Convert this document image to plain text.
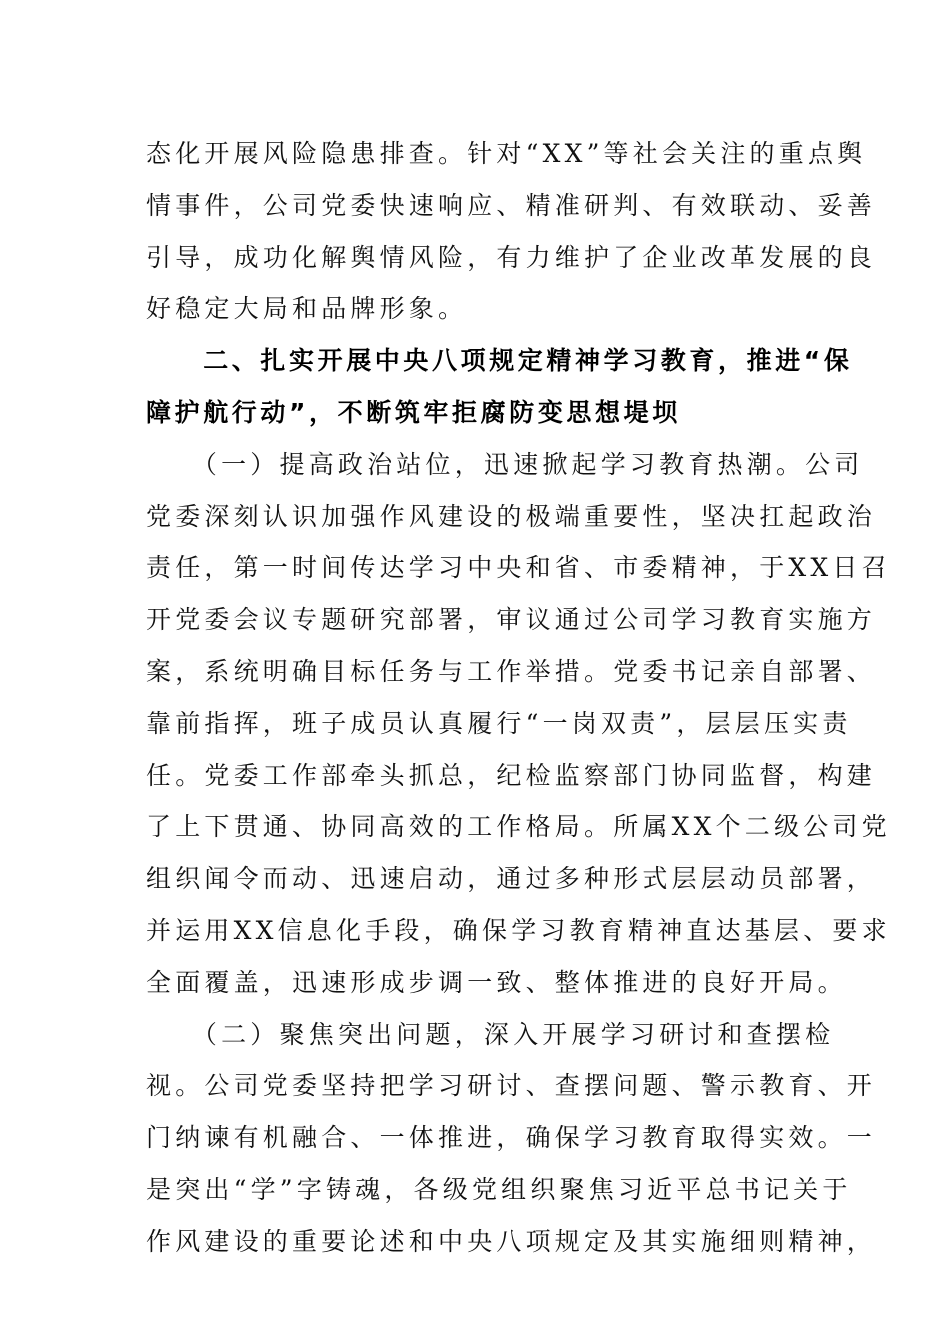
态化开展风险隐患排查。针对“XX”等社会关注的重点舆
情事件，公司党委快速响应、精准研判、有效联动、妥善
引导，成功化解舆情风险，有力维护了企业改革发展的良
好稳定大局和品牌形象。
　　二、扎实开展中央八项规定精神学习教育，推进“保
障护航行动”，不断筑牢拒腐防变思想堤坝
　　（一）提高政治站位，迅速掀起学习教育热潮。公司
党委深刻认识加强作风建设的极端重要性，坚决扛起政治
责任，第一时间传达学习中央和省、市委精神，于XX日召
开党委会议专题研究部署，审议通过公司学习教育实施方
案，系统明确目标任务与工作举措。党委书记亲自部署、
靠前指挥，班子成员认真履行“一岗双责”，层层压实责
任。党委工作部牵头抓总，纪检监察部门协同监督，构建
了上下贯通、协同高效的工作格局。所属XX个二级公司党
组织闻令而动、迅速启动，通过多种形式层层动员部署，
并运用XX信息化手段，确保学习教育精神直达基层、要求
全面覆盖，迅速形成步调一致、整体推进的良好开局。
　　（二）聚焦突出问题，深入开展学习研讨和查摆检
视。公司党委坚持把学习研讨、查摆问题、警示教育、开
门纳谏有机融合、一体推进，确保学习教育取得实效。一
是突出“学”字铸魂，各级党组织聚焦习近平总书记关于
作风建设的重要论述和中央八项规定及其实施细则精神，
